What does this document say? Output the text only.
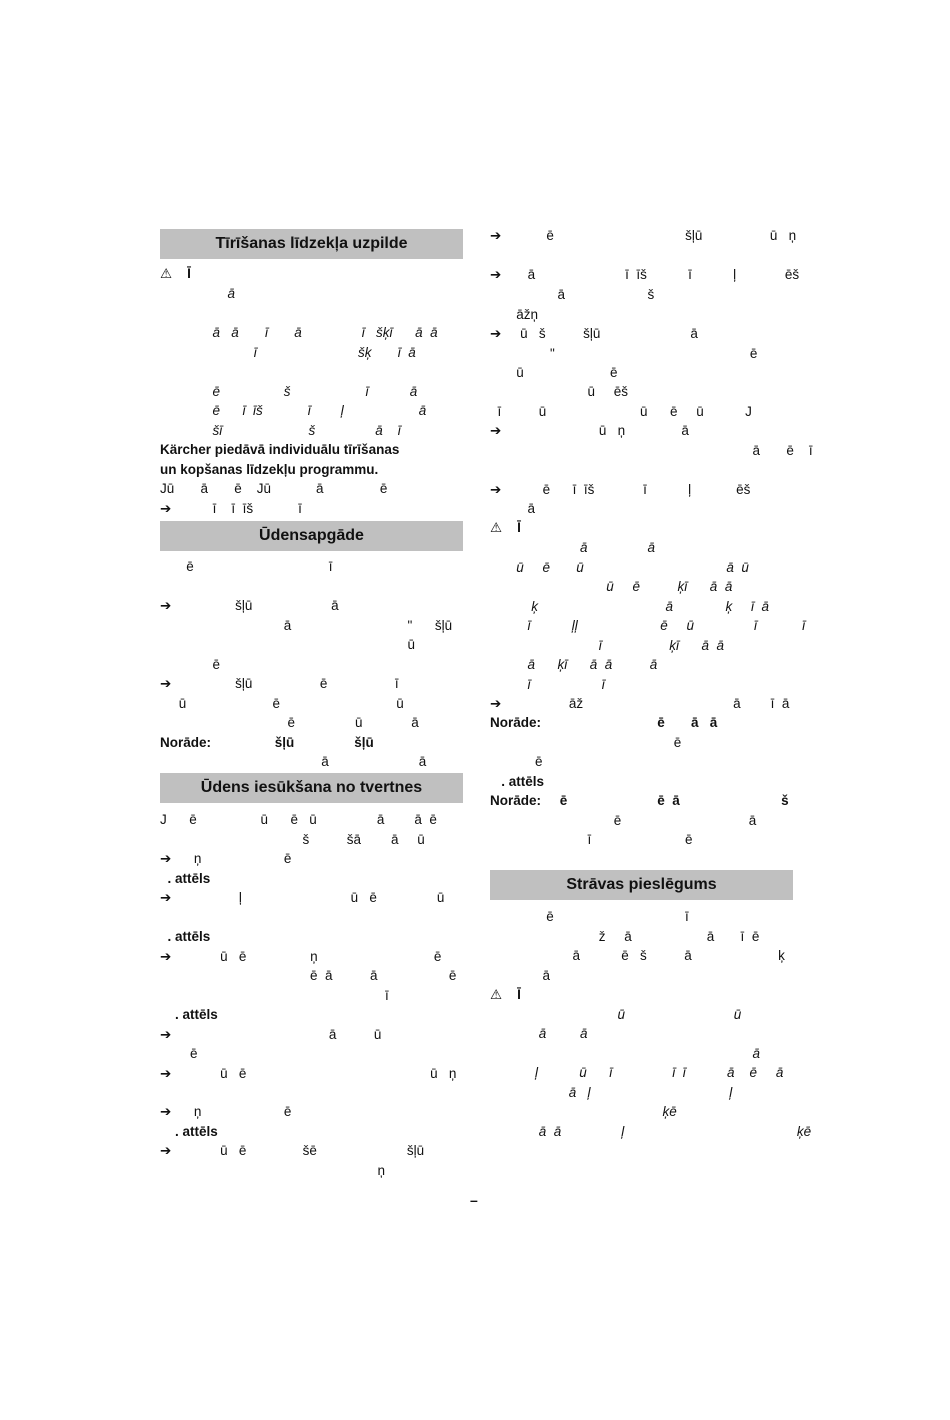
Tīrīšanas līdzekļa uzpilde
Ūdensapgāde
Ūdens iesūkšana no tvertnes
⚠    Ī
ā
ā   ā       ī       ā                ī   šķī      ā  ā
ī                           šķ       ī  ā
ē                 š                    ī           ā
ē      ī  īš            ī        ļ                    ā
šī                       š                ā    ī
Kärcher piedāvā individuālu tīrīšanas
un kopšanas līdzekļu programmu.
Jū       ā       ē    Jū            ā               ē
➔           ī    ī  īš            ī
ē                                    ī
➔                 šļū                     ā
ā                               "      šļū
ū
ē
➔                 šļū                  ē                  ī
ū                       ē                               ū
ē                ū             ā
Norāde:                 šļū                šļū
ā                        ā
J      ē                 ū      ē   ū                ā        ā  ē
š          šā        ā     ū
➔      ņ                      ē
. attēls
➔                  ļ                             ū   ē                ū
. attēls
➔             ū   ē                 ņ                               ē
ē  ā          ā                   ē
ī
. attēls
➔                                          ā          ū
ē
➔             ū   ē                                                 ū   ņ
➔      ņ                      ē
. attēls
➔             ū   ē               šē                        šļū
ņ
Strāvas pieslēgums
➔            ē                                   šļū                  ū   ņ
➔       ā                        ī  īš           ī           ļ             ēš
ā                      š
āžņ
➔     ū   š          šļū                        ā
"                                                    ē
ū                       ē
ū     ēš
ī          ū                         ū      ē     ū           J
➔                          ū   ņ               ā
ā       ē    ī
➔           ē      ī  īš             ī           ļ            ēš
ā
⚠    Ī
ā                ā
ū     ē       ū                                      ā  ū
ū     ē          ķī      ā  ā
ķ                                  ā              ķ     ī  ā
ī           ļļ                      ē     ū                ī            ī
ī                  ķī      ā  ā
ā      ķī      ā  ā          ā
ī                   ī
➔                  āž                                        ā        ī  ā
Norāde:                               ē       ā   ā
ē
ē
. attēls
Norāde:     ē                        ē  ā                           š
ē                                  ā
ī                         ē
ē                                   ī
ž     ā                    ā       ī  ē
ā           ē   š          ā                       ķ
ā
⚠    Ī
ū                             ū
ā         ā
ā
ļ           ū      ī                ī  ī           ā    ē     ā
ā   ļ                                     ļ
ķē
ā  ā                ļ                                              ķē
–
